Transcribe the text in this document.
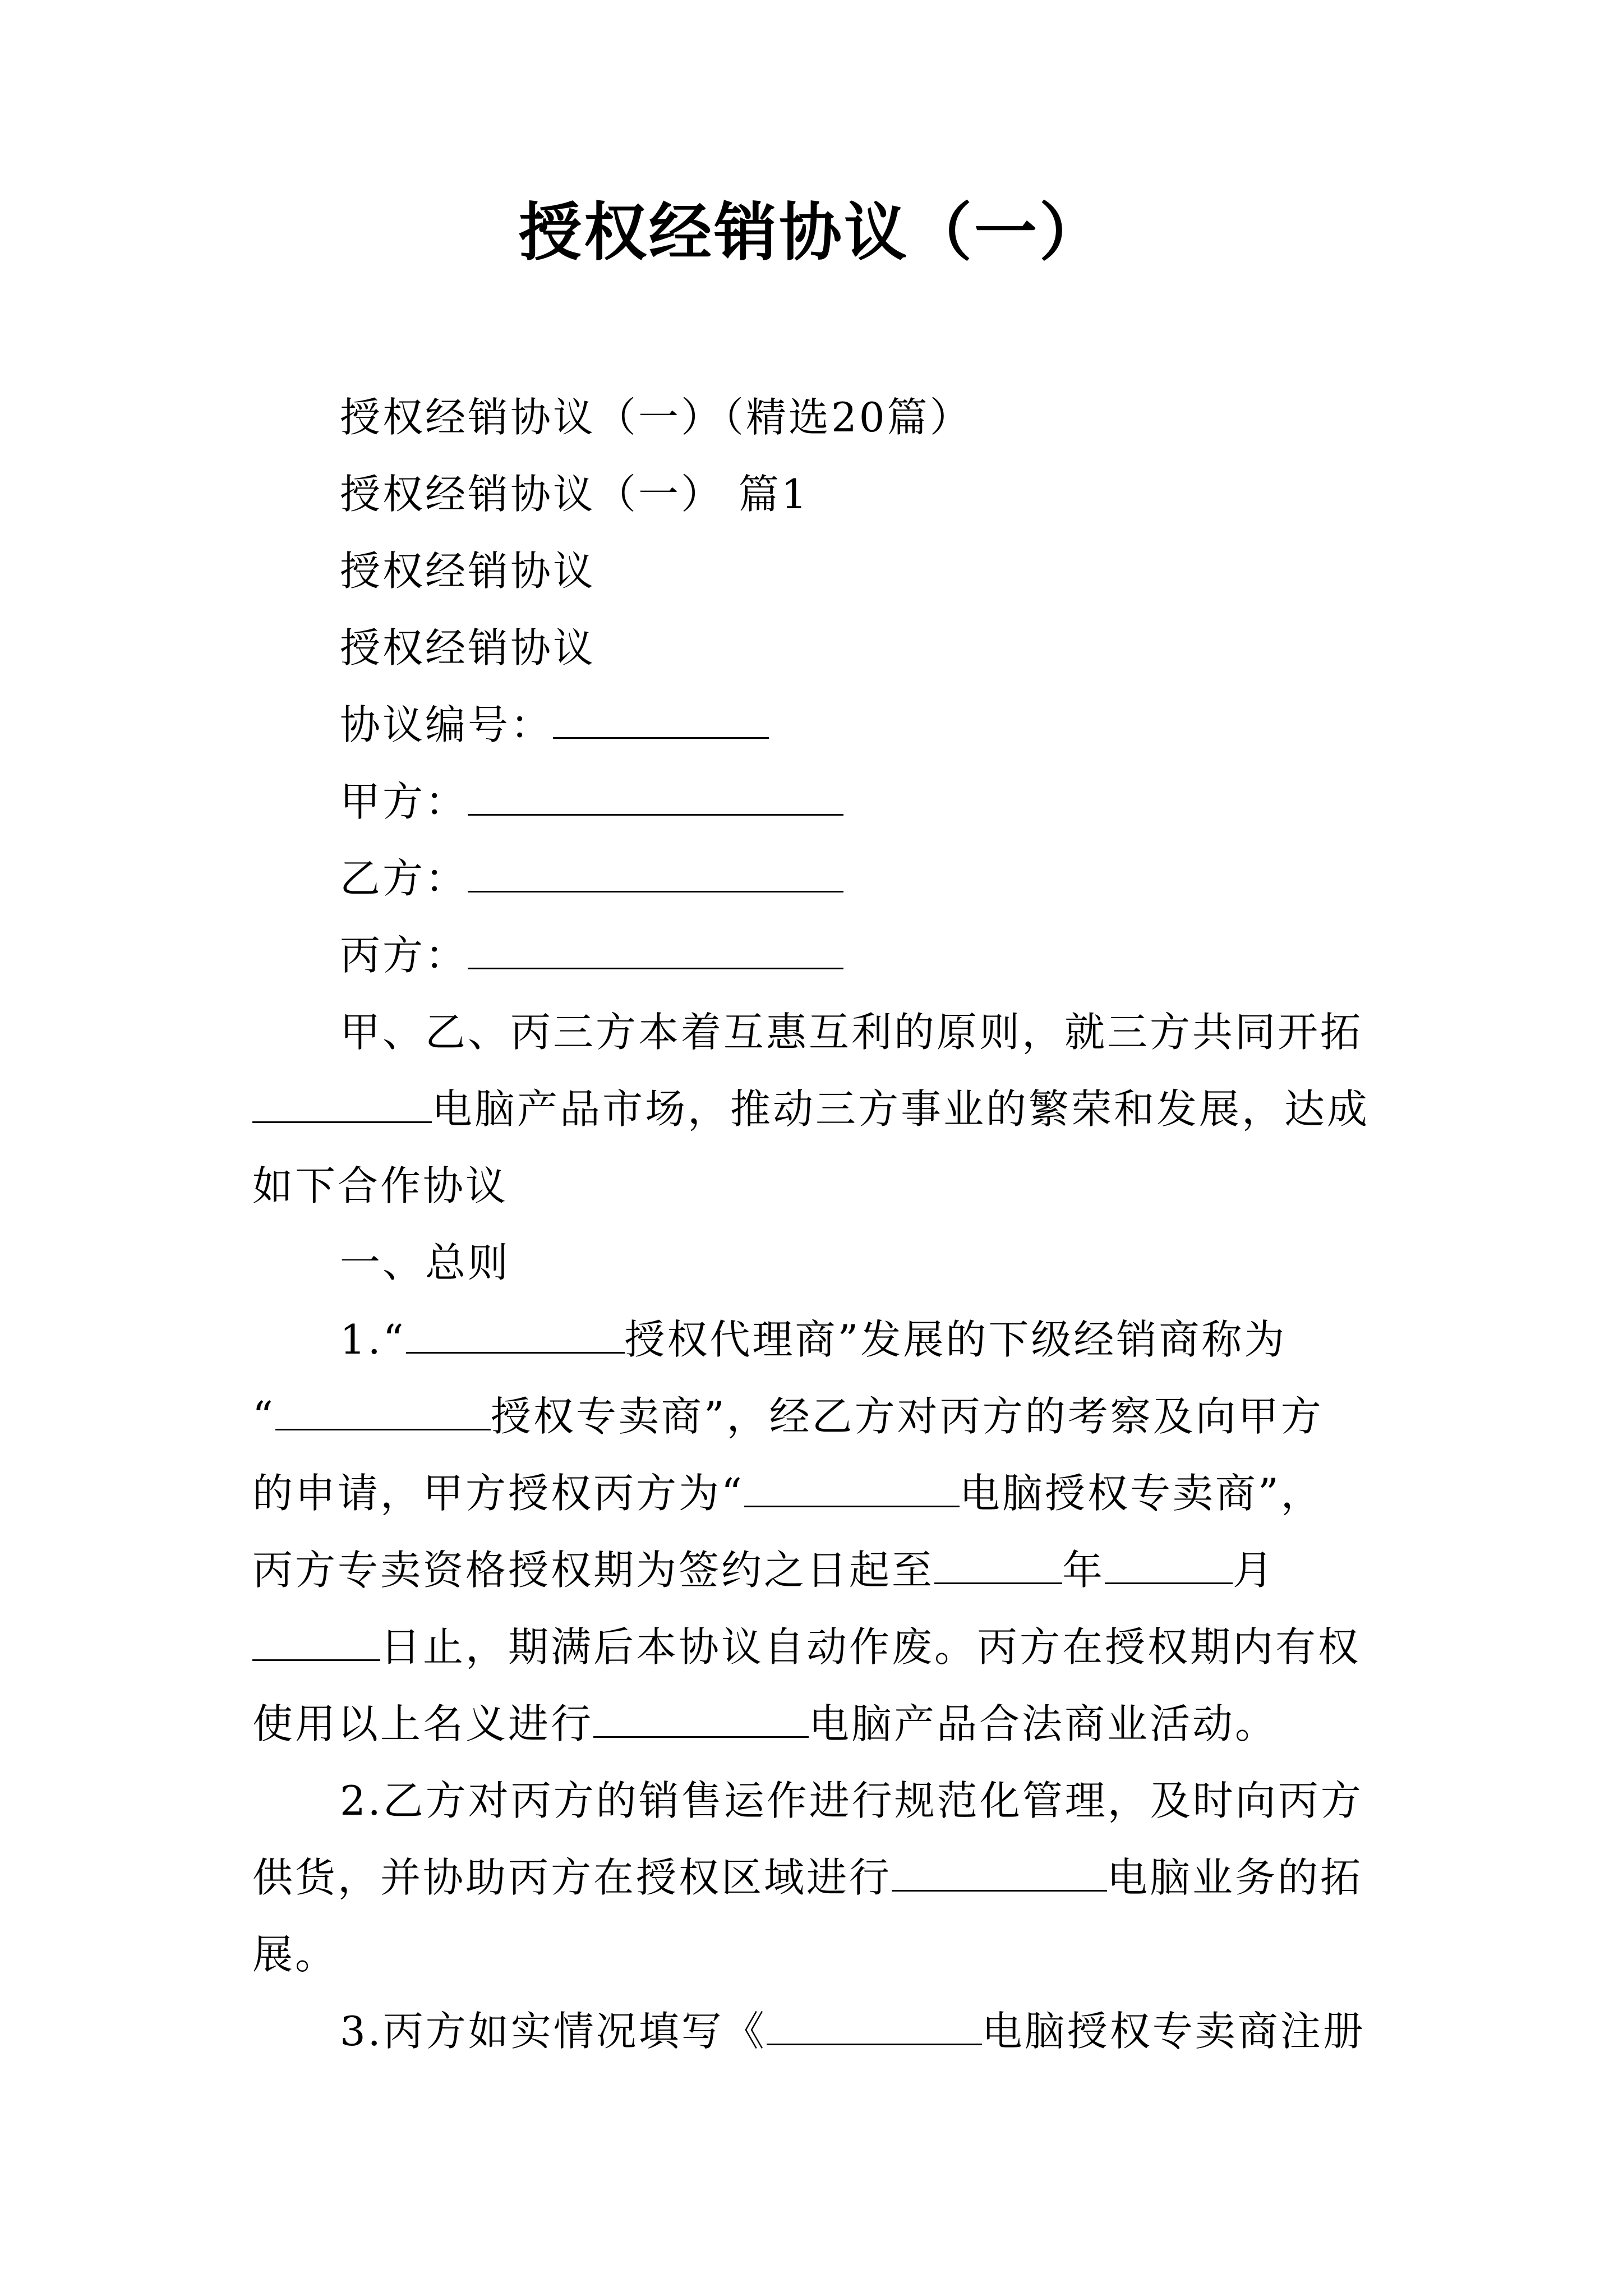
授权经销协议（一）

授权经销协议（一）（精选20篇）

授权经销协议（一） 篇1

授权经销协议

授权经销协议

协议编号：

甲方：

乙方：

丙方：

甲、乙、丙三方本着互惠互利的原则，就三方共同开拓

电脑产品市场，推动三方事业的繁荣和发展，达成

如下合作协议

一、总则

1.“	授权代理商”发展的下级经销商称为

“	授权专卖商”，经乙方对丙方的考察及向甲方

的申请，甲方授权丙方为“	电脑授权专卖商”，

丙方专卖资格授权期为签约之日起至	年	月

日止，期满后本协议自动作废。丙方在授权期内有权

使用以上名义进行	电脑产品合法商业活动。

2.乙方对丙方的销售运作进行规范化管理，及时向丙方

供货，并协助丙方在授权区域进行	电脑业务的拓

展。

3.丙方如实情况填写《	电脑授权专卖商注册
